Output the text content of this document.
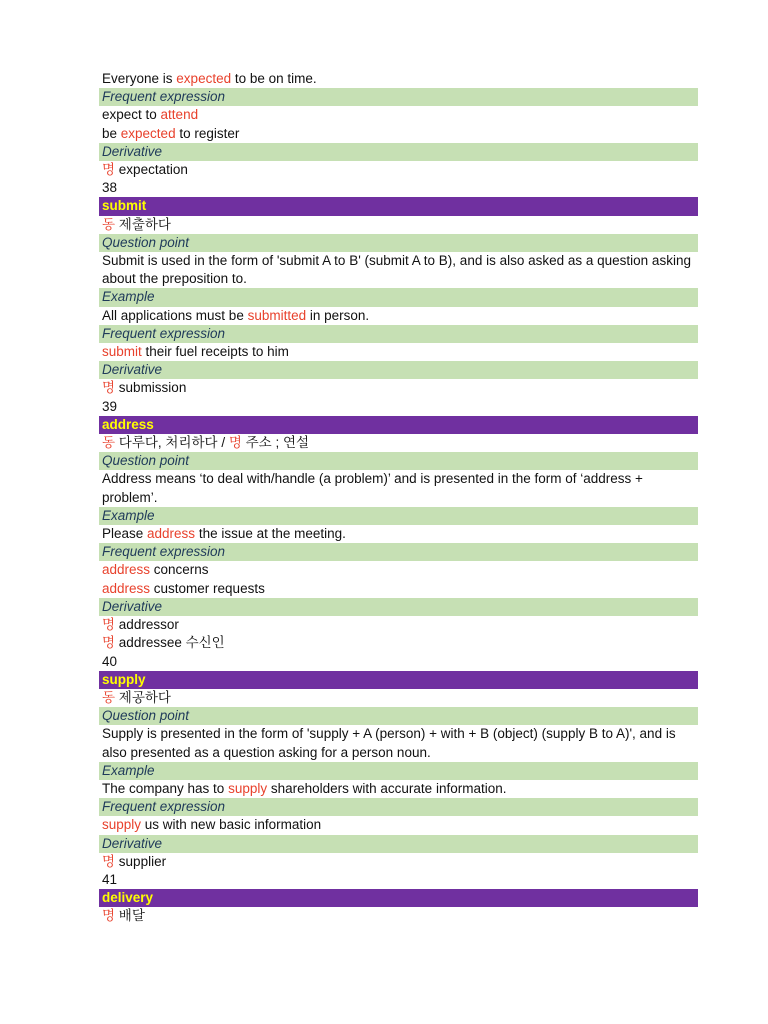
Everyone is expected to be on time.
Frequent expression
expect to attend
be expected to register
Derivative
명 expectation
38
submit
동 제출하다
Question point
Submit is used in the form of 'submit A to B' (submit A to B), and is also asked as a question asking about the preposition to.
Example
All applications must be submitted in person.
Frequent expression
submit their fuel receipts to him
Derivative
명 submission
39
address
동 다루다, 처리하다 / 명 주소 ; 연설
Question point
Address means ‘to deal with/handle (a problem)’ and is presented in the form of ‘address + problem’.
Example
Please address the issue at the meeting.
Frequent expression
address concerns
address customer requests
Derivative
명 addressor
명 addressee 수신인
40
supply
동 제공하다
Question point
Supply is presented in the form of 'supply + A (person) + with + B (object) (supply B to A)', and is also presented as a question asking for a person noun.
Example
The company has to supply shareholders with accurate information.
Frequent expression
supply us with new basic information
Derivative
명 supplier
41
delivery
명 배달
